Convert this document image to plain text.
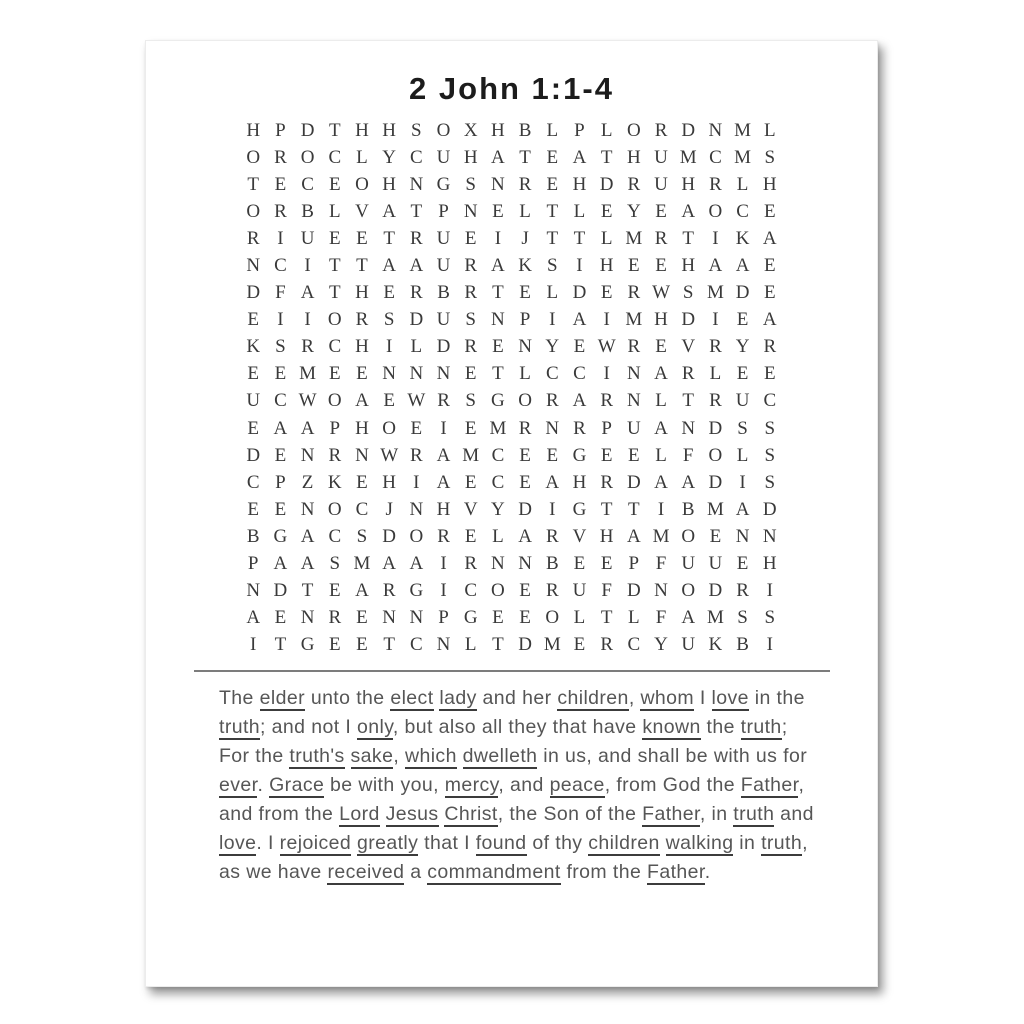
2 John 1:1-4
H P D T H H S O X H B L P L O R D N M L
O R O C L Y C U H A T E A T H U M C M S
T E C E O H N G S N R E H D R U H R L H
O R B L V A T P N E L T L E Y E A O C E
R I U E E T R U E I	J T T L M R T I K A
N C I T T A A U R A K S I H E E H A A E
D F A T H E R B R T E L D E R W S M D E
E I	I O R S D U S N P I A I M H D I E A
K S R C H I L D R E N Y E W R E V R Y R
E E M E E N N N E T L C C I N A R L E E
U C W O A E W R S G O R A R N L T R U C
E A A P H O E I E M R N R P U A N D S S
D E N R N W R A M C E E G E E L F O L S
C P Z K E H I A E C E A H R D A A D I S
E E N O C J N H V Y D I G T T I B M A D
B G A C S D O R E L A R V H A M O E N N
P A A S M A A I R N N B E E P F U U E H
N D T E A R G I C O E R U F D N O D R I
A E N R E N N P G E E O L T L F A M S S
I T G E E T C N L T D M E R C Y U K B I
The elder unto the elect lady and her children, whom I love in the
truth; and not I only, but also all they that have known the truth;
For the truth's sake, which dwelleth in us, and shall be with us for
ever. Grace be with you, mercy, and peace, from God the Father,
and from the Lord Jesus Christ, the Son of the Father, in truth and
love. I rejoiced greatly that I found of thy children walking in truth,
as we have received a commandment from the Father.
